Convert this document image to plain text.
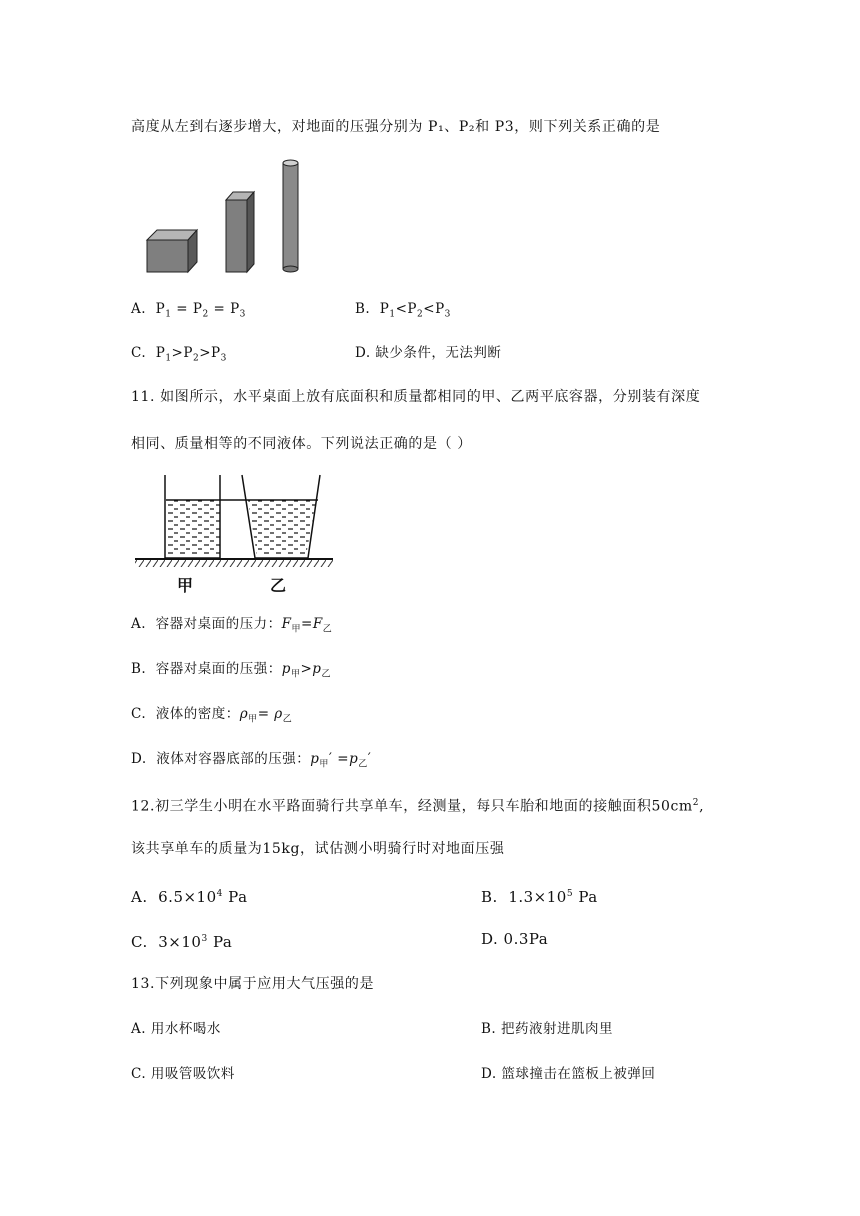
高度从左到右逐步增大，对地面的压强分别为 P₁、P₂和 P3，则下列关系正确的是
A.  $P_1 = P_2 = P_3$	B.  $P_1<P_2<P_3$
C.  $P_1>P_2>P_3$	D. 缺少条件，无法判断
11. 如图所示，水平桌面上放有底面积和质量都相同的甲、乙两平底容器，分别装有深度
相同、质量相等的不同液体。下列说法正确的是（ ）
甲	乙
A.  容器对桌面的压力：$F_甲=F_乙$
B.  容器对桌面的压强：$p_甲>p_乙$
C.  液体的密度：$\rho_甲= \rho_乙$
D.  液体对容器底部的压强：$p_甲' =p_乙'$
12.初三学生小明在水平路面骑行共享单车，经测量，每只车胎和地面的接触面积$50cm^2$,
该共享单车的质量为15kg，试估测小明骑行时对地面压强
A.  $6.5\times 10^4$ Pa	B.  $1.3\times 10^5$ Pa
C.  $3\times 10^3$ Pa	D. 0.3Pa
13.下列现象中属于应用大气压强的是
A. 用水杯喝水	B. 把药液射进肌肉里
C. 用吸管吸饮料	D. 篮球撞击在篮板上被弹回
